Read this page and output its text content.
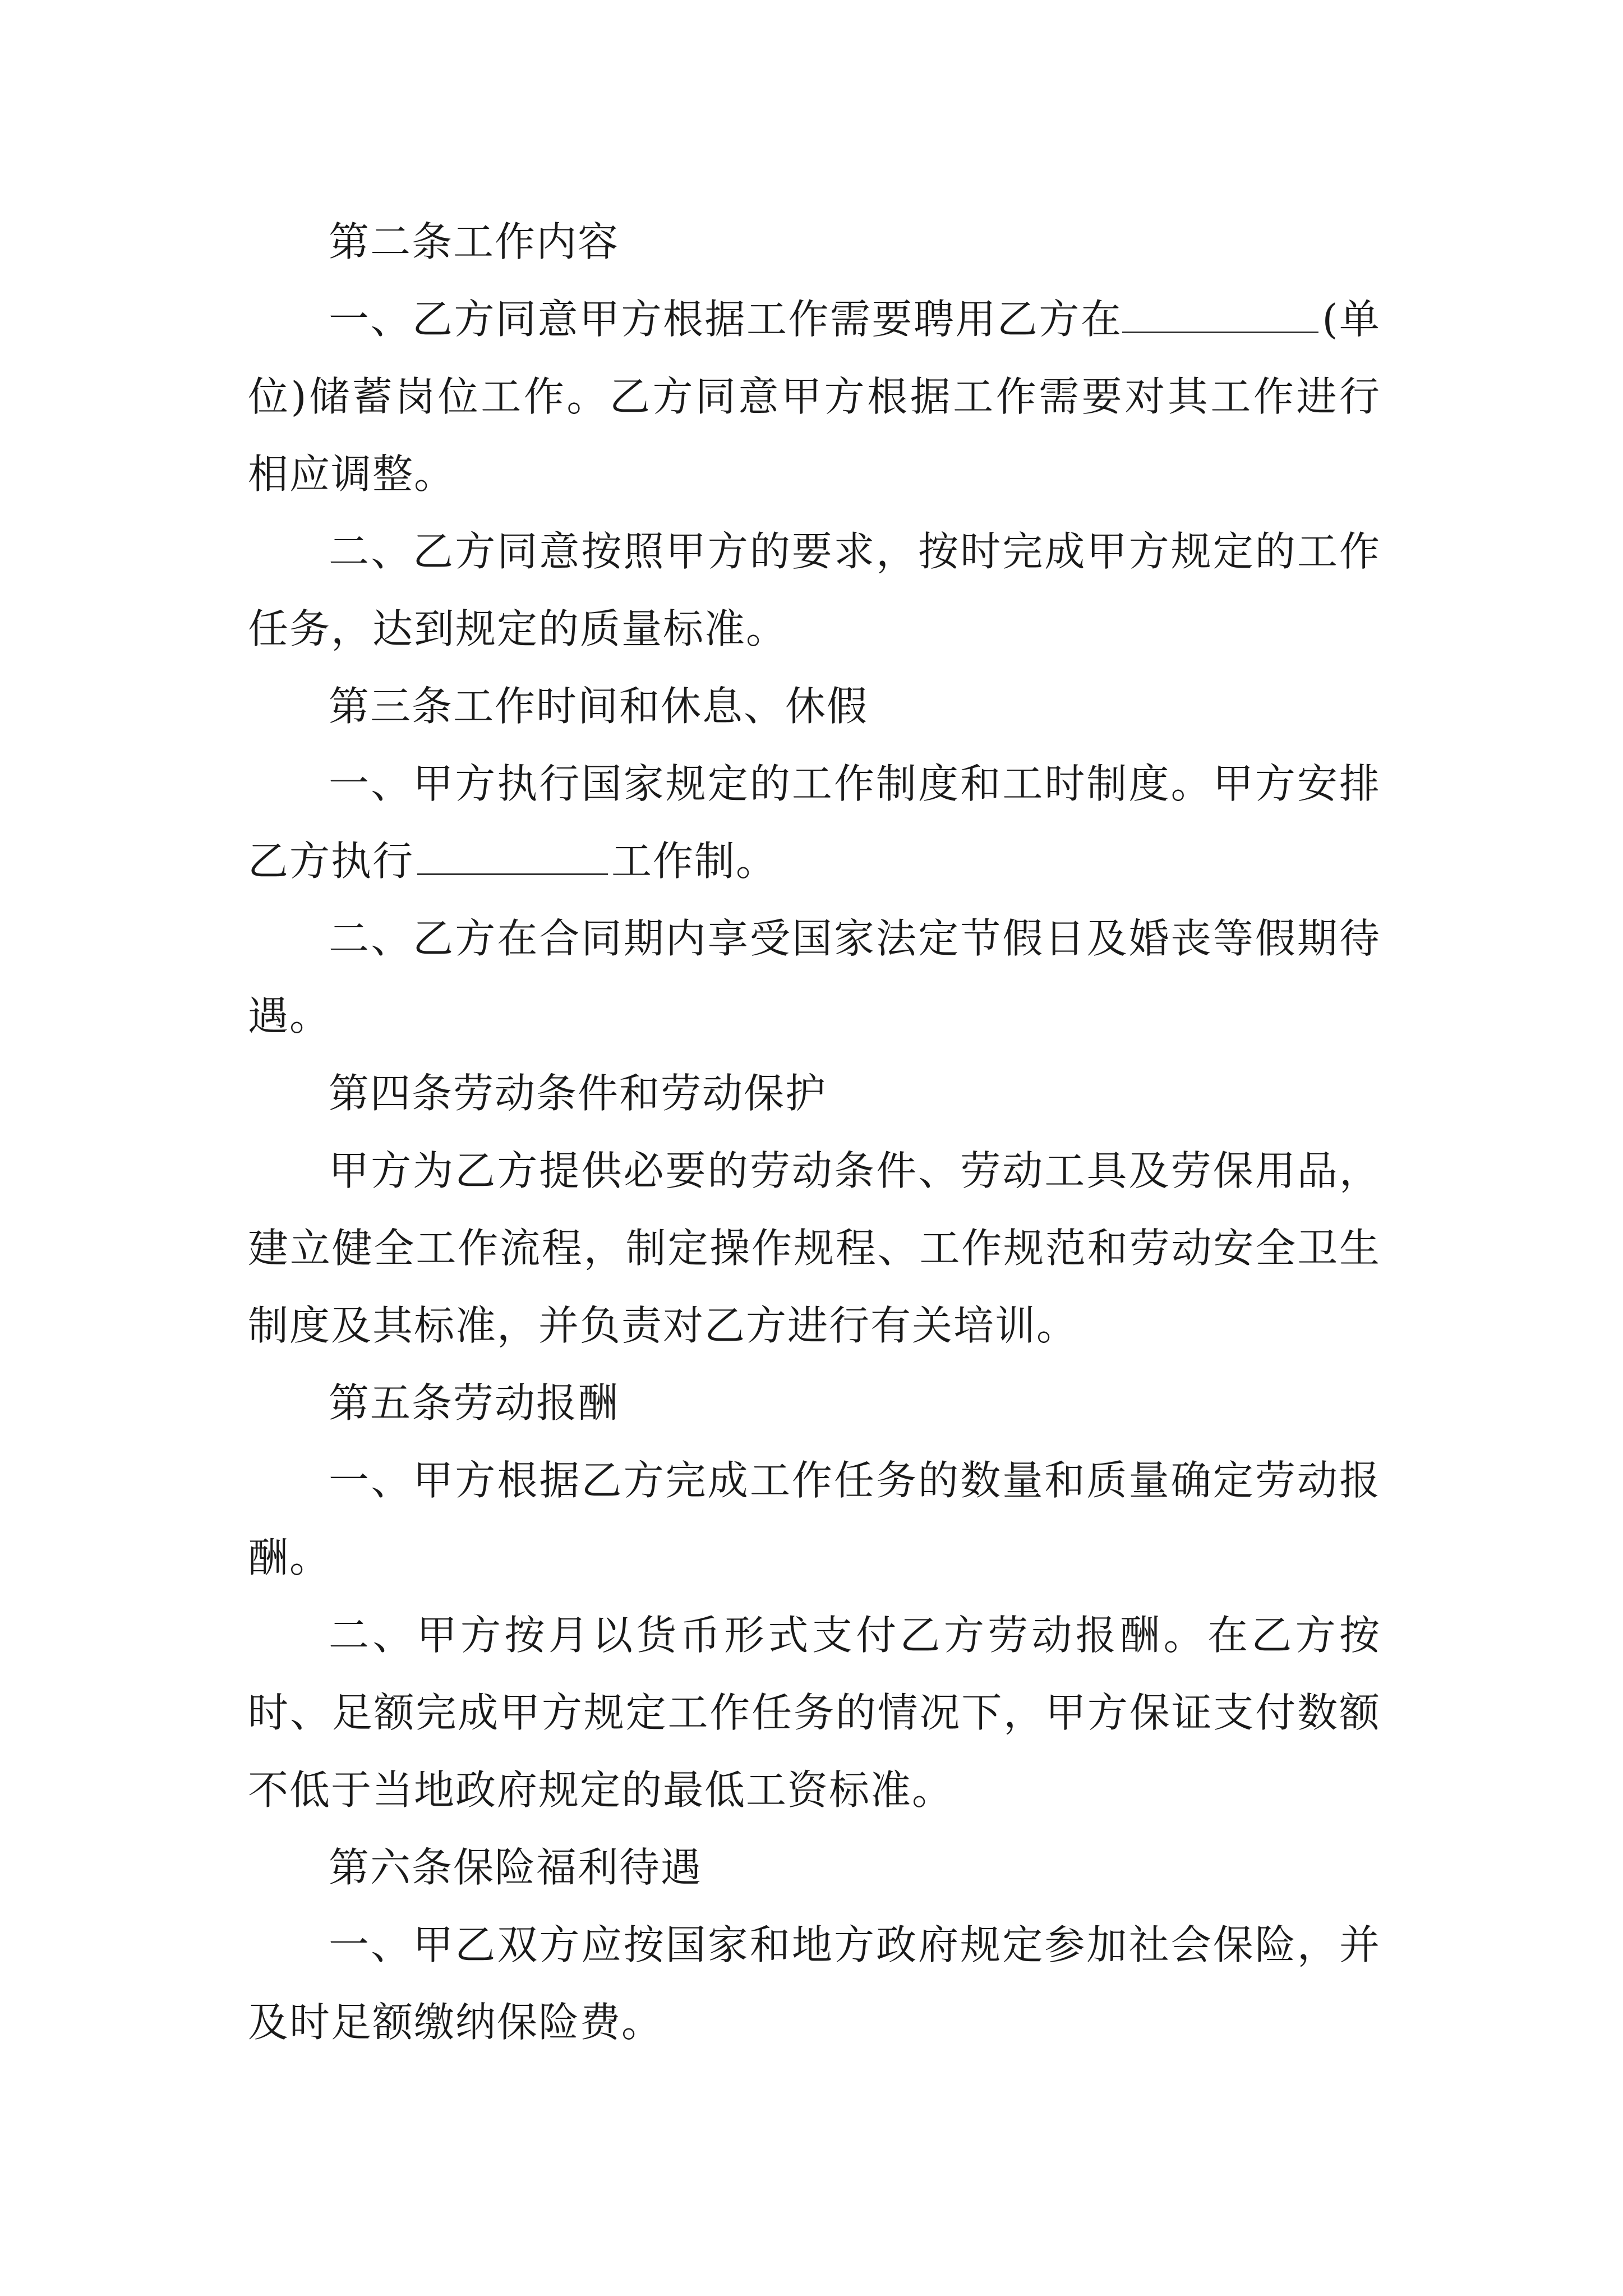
第二条工作内容

一、乙方同意甲方根据工作需要聘用乙方在	(单位)储蓄岗位工作。乙方同意甲方根据工作需要对其工作进行相应调整。

二、乙方同意按照甲方的要求，按时完成甲方规定的工作任务，达到规定的质量标准。

第三条工作时间和休息、休假

一、甲方执行国家规定的工作制度和工时制度。甲方安排乙方执行	工作制。

二、乙方在合同期内享受国家法定节假日及婚丧等假期待遇。

第四条劳动条件和劳动保护

甲方为乙方提供必要的劳动条件、劳动工具及劳保用品，建立健全工作流程，制定操作规程、工作规范和劳动安全卫生制度及其标准，并负责对乙方进行有关培训。

第五条劳动报酬

一、甲方根据乙方完成工作任务的数量和质量确定劳动报酬。

二、甲方按月以货币形式支付乙方劳动报酬。在乙方按时、足额完成甲方规定工作任务的情况下，甲方保证支付数额不低于当地政府规定的最低工资标准。

第六条保险福利待遇

一、甲乙双方应按国家和地方政府规定参加社会保险，并及时足额缴纳保险费。
